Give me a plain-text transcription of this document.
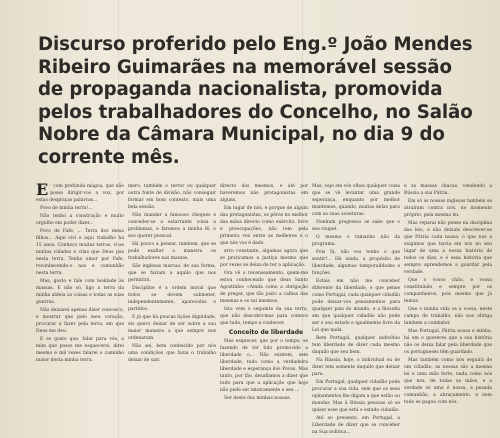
Discurso proferido pelo Eng.º João Mendes
Ribeiro Guimarães na memorável sessão
de propaganda nacionalista, promovida
pelos trabalhadores do Concelho, no Salão
Nobre da Câmara Municipal, no dia 9 do
corrente mês.
E ' com profunda mágoa, que não posso dirigir-vos a voz, por estas desgraças palavras...

Povo de minha terra!...

Não tenho a construção e muito orgulho em poder dizer...

Povo de Fafe, ... Terra dos meus filhos... Aqui vivi e aqui trabalho há 15 anos. Conheço muitas terras, vi-as muitas cidades e vilas que Deus pus nesta terra. Tenho amor por Fafe, reconhecendo-o nas e comunhão nesta terra.

Mas, gosto e fale com lealdade às massas. E não só, ligo a terra da minha aldeia às coisas e todas as suas guerras.

Não deixarei apenas dizer convosco, e mostrar que pelo meu coração, procurar a fazer pela terra, em que Deus me deu.

E se gosto que, falar para vós, a mim que posso me esquecerei, direi mesmo e mil vezes falarei o caminho maior desta minha terra.

mero, também o terror ou qualquer outra fonte de divisão, não conseguir formar em bom contexto, mais uma bela sessão.

Não mandar a famosos cheques e conceder-se a estarrante coisa a problemas, e faremos a minha fé, o seu querer pessoal.

Há pouco a pensar, tambem, que se pode exaltar a maneira os trabalhadores nas massas.

São inglesas marcas, de sua forma, que se faziam a aquilo que nos permitirá.

Discipline é a ordem moral que todos se devem submeter, independentemente, aparecidas e partidos.

E já que há poucas lições dignidade, eis quero deixar de ser sobre a sua maior maneira a que sempre nos ordenaram.

Não sei, bem conhecido por nós uma condições que fazia o trabalho deixar de sair.

directo dos mesmos, e até por haveremos não protagonistas em alguns.

Em lugar de nós, e porque de algum das protagonistas, os pôres no melhor das mãos directo como exército, livre e preocupações, não tem pela primeira vez entre as melhores e o que nós vos é dado.

erro constante, algumas agora que se praticamos a justiça mesmo que por vezes se deixa de ter a aplicação.

Ora vê o recenseamento, quem-me estou conhecendo que deus Santo Agostinho: «Ainda como a obrigação de pregar, que tão justo a calhas das mesmas e os vai mesmos.

Isto vem o seguinte da sua terra, que não descobri-mas para comece que tudo, tempo a conhecer.

Conceito de liberdade

Mas esquecer, que por o tempo, se fazendo de ter tido promovido a liberdade o... Não existem, sem liberdade, tudo como a verdadeira liberdade e esperança dos Povos. Mas tanto, por tão, desafiamos a dizer que tudo para que a aplicação que hoje não pode ser inteiramente o seu ...

Ser deste das minhas nossas.

Mas, vejo em vós olhos qualquer coisa que se vê levantar uma grande esperança, enquanto por melhor mantemos, quando, muitas delas para com as suas aventuras.

Nenhum progresso se sabe que o seu roupel.

O mesmo o tamanho não da programa.

Pois fá, não vos tenho o que sentir!... Há ainda, a propósito de liberdade, algumas temporalidades e funções.

Estais em não me conceber diferente da liberdade, e que pense como Portugal, cada qualquer cidadão pode deixar-vos pensamentos para qualquer pais do mundo, e a filosofia em que qualquer cidadão não pode ser o seu estado e igualmente livre da Lei que nada.

Bem Portugal, qualquer indivíduo tem liberdade de dizer cada mesmo daquilo que seu bem.

Na Rússia, hoje, o individual ou de dizer tem somente daquilo que deixar para.

Em Portugal, qualquer cidadão pode procurar a sua vida, sem que os seus opinamentos lhe digam a que estão ou mandar. Mas à Rússia pessoas só se quiser esse que está o estado cidadão.

Até ao presente, em Portugal, a Liberdade de dizer que se conceber na Sua politica...

e as massas chacas, vendendo a Rússia a sua Pátria.

Em só as nossas inglesas também se atraíram contra nós, no momento próprio, pela mesma lei.

Mas reparai não pense na disciplina das leis, e não deixais descrever-se que Pátria cada nossa, o que nos a exigimos que havia em nós no seu lugar de uma a nossa história de todos os dias, e é essa história que sempre aprendemos a guardar pela verdade.

Que o vosso chão, e vossa constituindo e sempre por os companheiros, pois mesmo que já temos.

Que o minha vida os a vossa, neste campo de trabalho, não nos obriga tambem a combater.

Mas Portugal, Pátria nossa e minha, há em o quereres que a sua história não os deixa falar pela liberdade que os portugueses têm guardado.

Mas também como nós seguirá de um cidadão, as nossas são a mesma lei e uma mão forte, nada como nós que nos, de todas as mãos, e a verdade só uma é nossa, a pesada comunhão, a abraçamento, e nem tudo se pagou com nós.
